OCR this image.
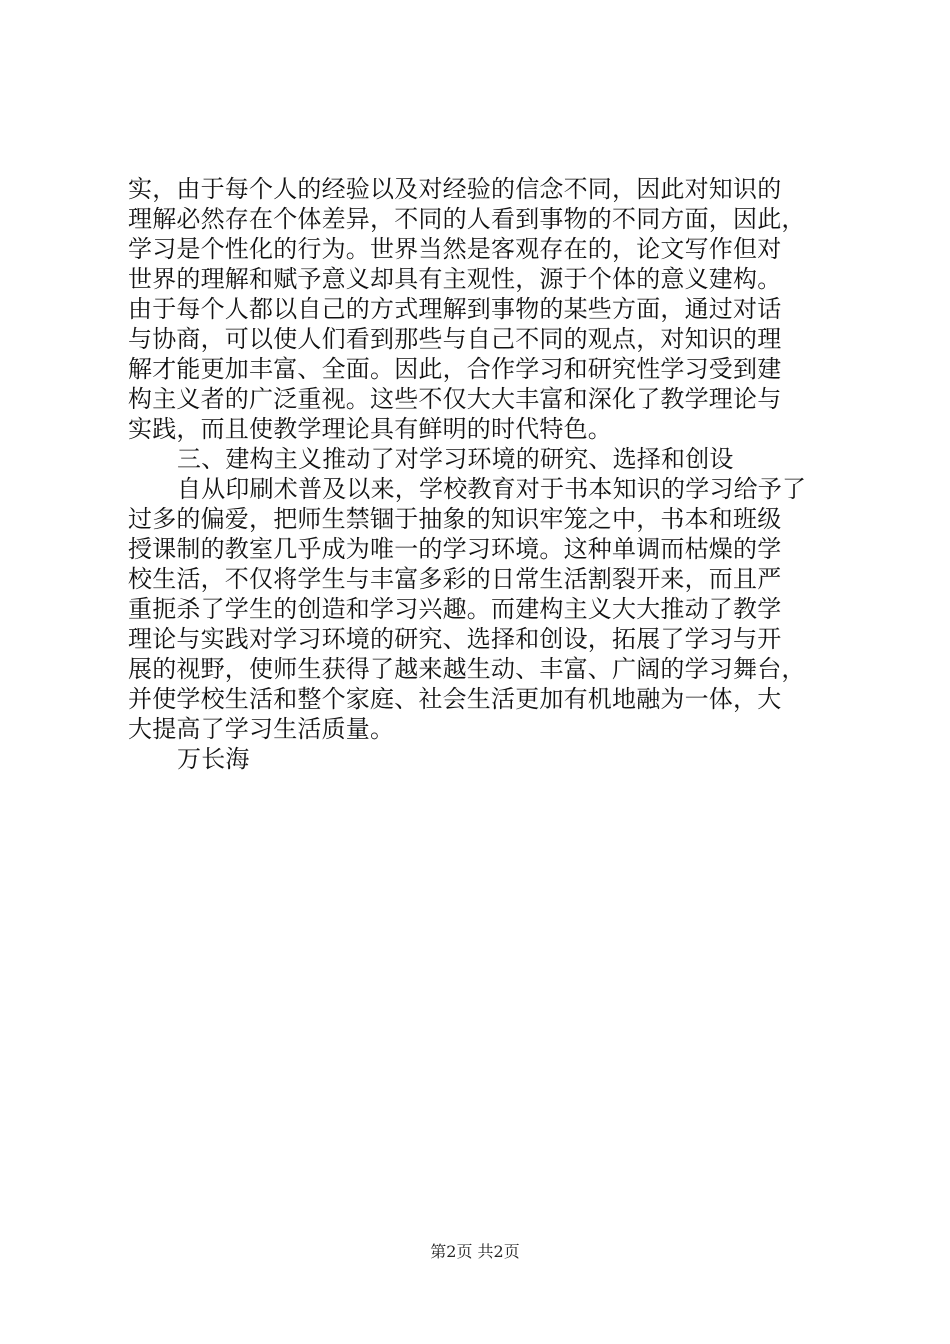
实，由于每个人的经验以及对经验的信念不同，因此对知识的
理解必然存在个体差异，不同的人看到事物的不同方面，因此，
学习是个性化的行为。世界当然是客观存在的，论文写作但对
世界的理解和赋予意义却具有主观性，源于个体的意义建构。
由于每个人都以自己的方式理解到事物的某些方面，通过对话
与协商，可以使人们看到那些与自己不同的观点，对知识的理
解才能更加丰富、全面。因此，合作学习和研究性学习受到建
构主义者的广泛重视。这些不仅大大丰富和深化了教学理论与
实践，而且使教学理论具有鲜明的时代特色。
三、建构主义推动了对学习环境的研究、选择和创设
自从印刷术普及以来，学校教育对于书本知识的学习给予了
过多的偏爱，把师生禁锢于抽象的知识牢笼之中，书本和班级
授课制的教室几乎成为唯一的学习环境。这种单调而枯燥的学
校生活，不仅将学生与丰富多彩的日常生活割裂开来，而且严
重扼杀了学生的创造和学习兴趣。而建构主义大大推动了教学
理论与实践对学习环境的研究、选择和创设，拓展了学习与开
展的视野，使师生获得了越来越生动、丰富、广阔的学习舞台，
并使学校生活和整个家庭、社会生活更加有机地融为一体，大
大提高了学习生活质量。
万长海
第2页 共2页
